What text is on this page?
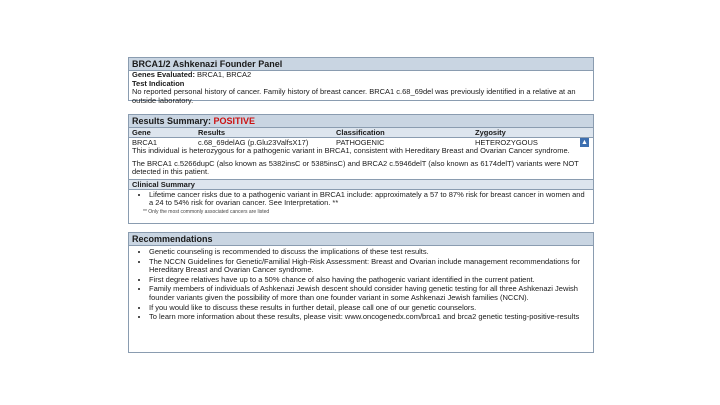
BRCA1/2 Ashkenazi Founder Panel
Genes Evaluated: BRCA1, BRCA2
Test Indication
No reported personal history of cancer. Family history of breast cancer. BRCA1 c.68_69del was previously identified in a relative at an outside laboratory.
Results Summary: POSITIVE
Gene	Results	Classification	Zygosity
BRCA1	c.68_69delAG (p.Glu23ValfsX17)	PATHOGENIC	HETEROZYGOUS	▲
This individual is heterozygous for a pathogenic variant in BRCA1, consistent with Hereditary Breast and Ovarian Cancer syndrome.
The BRCA1 c.5266dupC (also known as 5382insC or 5385insC) and BRCA2 c.5946delT (also known as 6174delT) variants were NOT detected in this patient.
Clinical Summary
• Lifetime cancer risks due to a pathogenic variant in BRCA1 include: approximately a 57 to 87% risk for breast cancer in women and a 24 to 54% risk for ovarian cancer. See Interpretation. **
** Only the most commonly associated cancers are listed
Recommendations
• Genetic counseling is recommended to discuss the implications of these test results.
• The NCCN Guidelines for Genetic/Familial High-Risk Assessment: Breast and Ovarian include management recommendations for Hereditary Breast and Ovarian Cancer syndrome.
• First degree relatives have up to a 50% chance of also having the pathogenic variant identified in the current patient.
• Family members of individuals of Ashkenazi Jewish descent should consider having genetic testing for all three Ashkenazi Jewish founder variants given the possibility of more than one founder variant in some Ashkenazi Jewish families (NCCN).
• If you would like to discuss these results in further detail, please call one of our genetic counselors.
• To learn more information about these results, please visit: www.oncogenedx.com/brca1 and brca2 genetic testing-positive-results
